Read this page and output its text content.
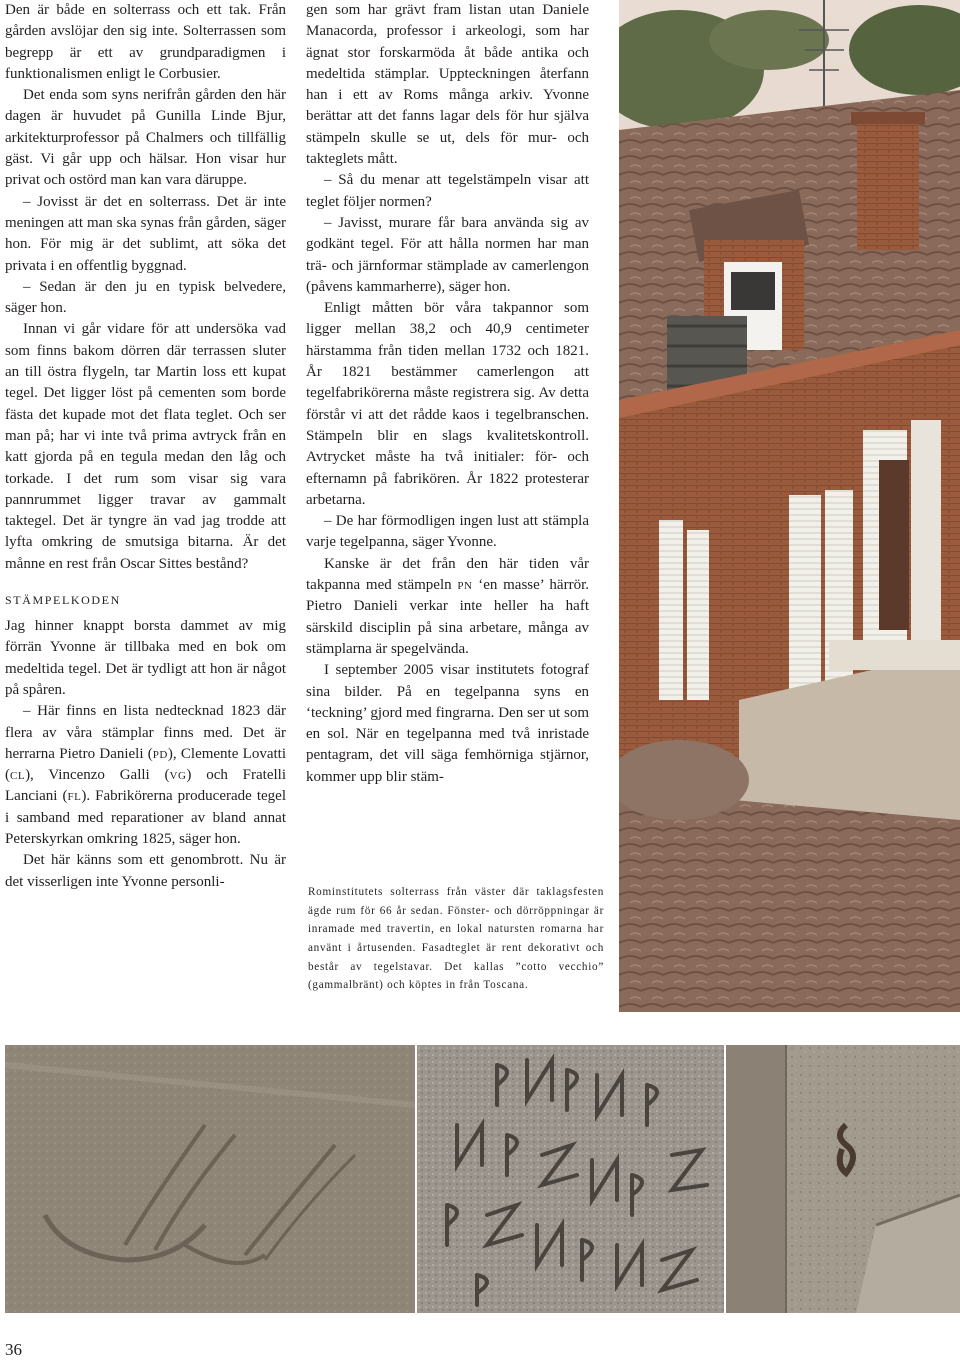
Den är både en solterrass och ett tak. Från gården avslöjar den sig inte. Solterrassen som begrepp är ett av grundparadigmen i funktionalismen enligt le Corbusier.

Det enda som syns nerifrån gården den här dagen är huvudet på Gunilla Linde Bjur, arkitekturprofessor på Chalmers och tillfällig gäst. Vi går upp och hälsar. Hon visar hur privat och ostörd man kan vara däruppe.

– Jovisst är det en solterrass. Det är inte meningen att man ska synas från gården, säger hon. För mig är det sublimt, att söka det privata i en offentlig byggnad.

– Sedan är den ju en typisk belvedere, säger hon.

Innan vi går vidare för att undersöka vad som finns bakom dörren där terrassen sluter an till östra flygeln, tar Martin loss ett kupat tegel. Det ligger löst på cementen som borde fästa det kupade mot det flata teglet. Och ser man på; har vi inte två prima avtryck från en katt gjorda på en tegula medan den låg och torkade. I det rum som visar sig vara pannrummet ligger travar av gammalt taktegel. Det är tyngre än vad jag trodde att lyfta omkring de smutsiga bitarna. Är det månne en rest från Oscar Sittes bestånd?

STÄMPELKODEN

Jag hinner knappt borsta dammet av mig förrän Yvonne är tillbaka med en bok om medeltida tegel. Det är tydligt att hon är något på spåren.

– Här finns en lista nedtecknad 1823 där flera av våra stämplar finns med. Det är herrarna Pietro Danieli (pd), Clemente Lovatti (cl), Vincenzo Galli (vg) och Fratelli Lanciani (fl). Fabrikörerna producerade tegel i samband med reparationer av bland annat Peterskyrkan omkring 1825, säger hon.

Det här känns som ett genombrott. Nu är det visserligen inte Yvonne personli-

gen som har grävt fram listan utan Daniele Manacorda, professor i arkeologi, som har ägnat stor forskarmöda åt både antika och medeltida stämplar. Uppteckningen återfann han i ett av Roms många arkiv. Yvonne berättar att det fanns lagar dels för hur själva stämpeln skulle se ut, dels för mur- och takteglets mått.

– Så du menar att tegelstämpeln visar att teglet följer normen?

– Javisst, murare får bara använda sig av godkänt tegel. För att hålla normen har man trä- och järnformar stämplade av camerlengon (påvens kammarherre), säger hon.

Enligt måtten bör våra takpannor som ligger mellan 38,2 och 40,9 centimeter härstamma från tiden mellan 1732 och 1821. År 1821 bestämmer camerlengon att tegelfabrikörerna måste registrera sig. Av detta förstår vi att det rådde kaos i tegelbranschen. Stämpeln blir en slags kvalitetskontroll. Avtrycket måste ha två initialer: för- och efternamn på fabrikören. År 1822 protesterar arbetarna.

– De har förmodligen ingen lust att stämpla varje tegelpanna, säger Yvonne.

Kanske är det från den här tiden vår takpanna med stämpeln pn ‘en masse’ härrör. Pietro Danieli verkar inte heller ha haft särskild disciplin på sina arbetare, många av stämplarna är spegelvända.

I september 2005 visar institutets fotograf sina bilder. På en tegelpanna syns en ‘teckning’ gjord med fingrarna. Den ser ut som en sol. När en tegelpanna med två inristade pentagram, det vill säga femhörniga stjärnor, kommer upp blir stäm-

Rominstitutets solterrass från väster där taklagsfesten ägde rum för 66 år sedan. Fönster- och dörröppningar är inramade med travertin, en lokal natursten romarna har använt i årtusenden. Fasadteglet är rent dekorativt och består av tegelstavar. Det kallas ”cotto vecchio” (gammalbränt) och köptes in från Toscana.

36
